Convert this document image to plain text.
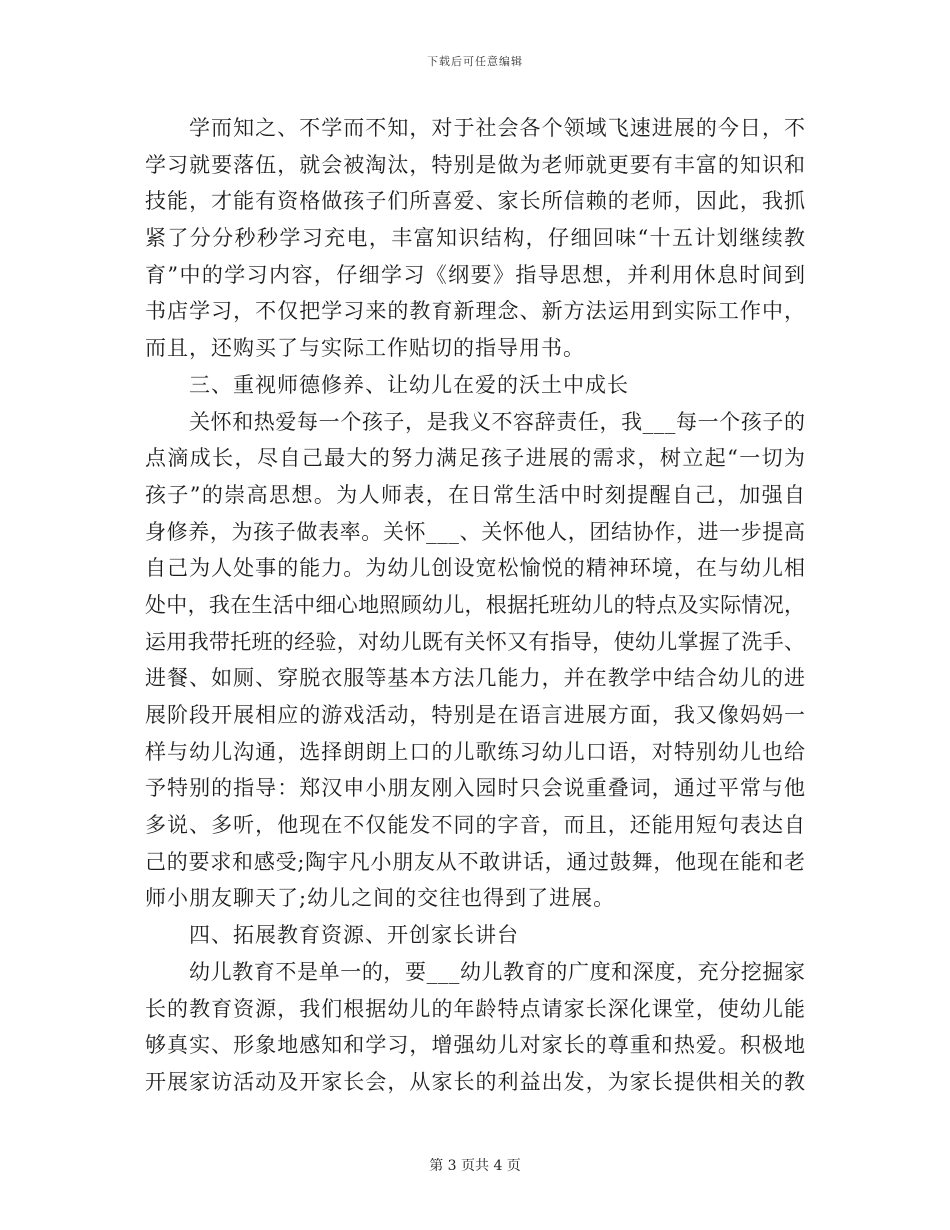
下载后可任意编辑
学而知之、不学而不知，对于社会各个领域飞速进展的今日，不
学习就要落伍，就会被淘汰，特别是做为老师就更要有丰富的知识和
技能，才能有资格做孩子们所喜爱、家长所信赖的老师，因此，我抓
紧了分分秒秒学习充电，丰富知识结构，仔细回味“十五计划继续教
育”中的学习内容，仔细学习《纲要》指导思想，并利用休息时间到
书店学习，不仅把学习来的教育新理念、新方法运用到实际工作中，
而且，还购买了与实际工作贴切的指导用书。
三、重视师德修养、让幼儿在爱的沃土中成长
关怀和热爱每一个孩子，是我义不容辞责任，我___每一个孩子的
点滴成长，尽自己最大的努力满足孩子进展的需求，树立起“一切为
孩子”的崇高思想。为人师表，在日常生活中时刻提醒自己，加强自
身修养，为孩子做表率。关怀___、关怀他人，团结协作，进一步提高
自己为人处事的能力。为幼儿创设宽松愉悦的精神环境，在与幼儿相
处中，我在生活中细心地照顾幼儿，根据托班幼儿的特点及实际情况，
运用我带托班的经验，对幼儿既有关怀又有指导，使幼儿掌握了洗手、
进餐、如厕、穿脱衣服等基本方法几能力，并在教学中结合幼儿的进
展阶段开展相应的游戏活动，特别是在语言进展方面，我又像妈妈一
样与幼儿沟通，选择朗朗上口的儿歌练习幼儿口语，对特别幼儿也给
予特别的指导：郑汉申小朋友刚入园时只会说重叠词，通过平常与他
多说、多听，他现在不仅能发不同的字音，而且，还能用短句表达自
己的要求和感受;陶宇凡小朋友从不敢讲话，通过鼓舞，他现在能和老
师小朋友聊天了;幼儿之间的交往也得到了进展。
四、拓展教育资源、开创家长讲台
幼儿教育不是单一的，要___幼儿教育的广度和深度，充分挖掘家
长的教育资源，我们根据幼儿的年龄特点请家长深化课堂，使幼儿能
够真实、形象地感知和学习，增强幼儿对家长的尊重和热爱。积极地
开展家访活动及开家长会，从家长的利益出发，为家长提供相关的教
第 3 页共 4 页
